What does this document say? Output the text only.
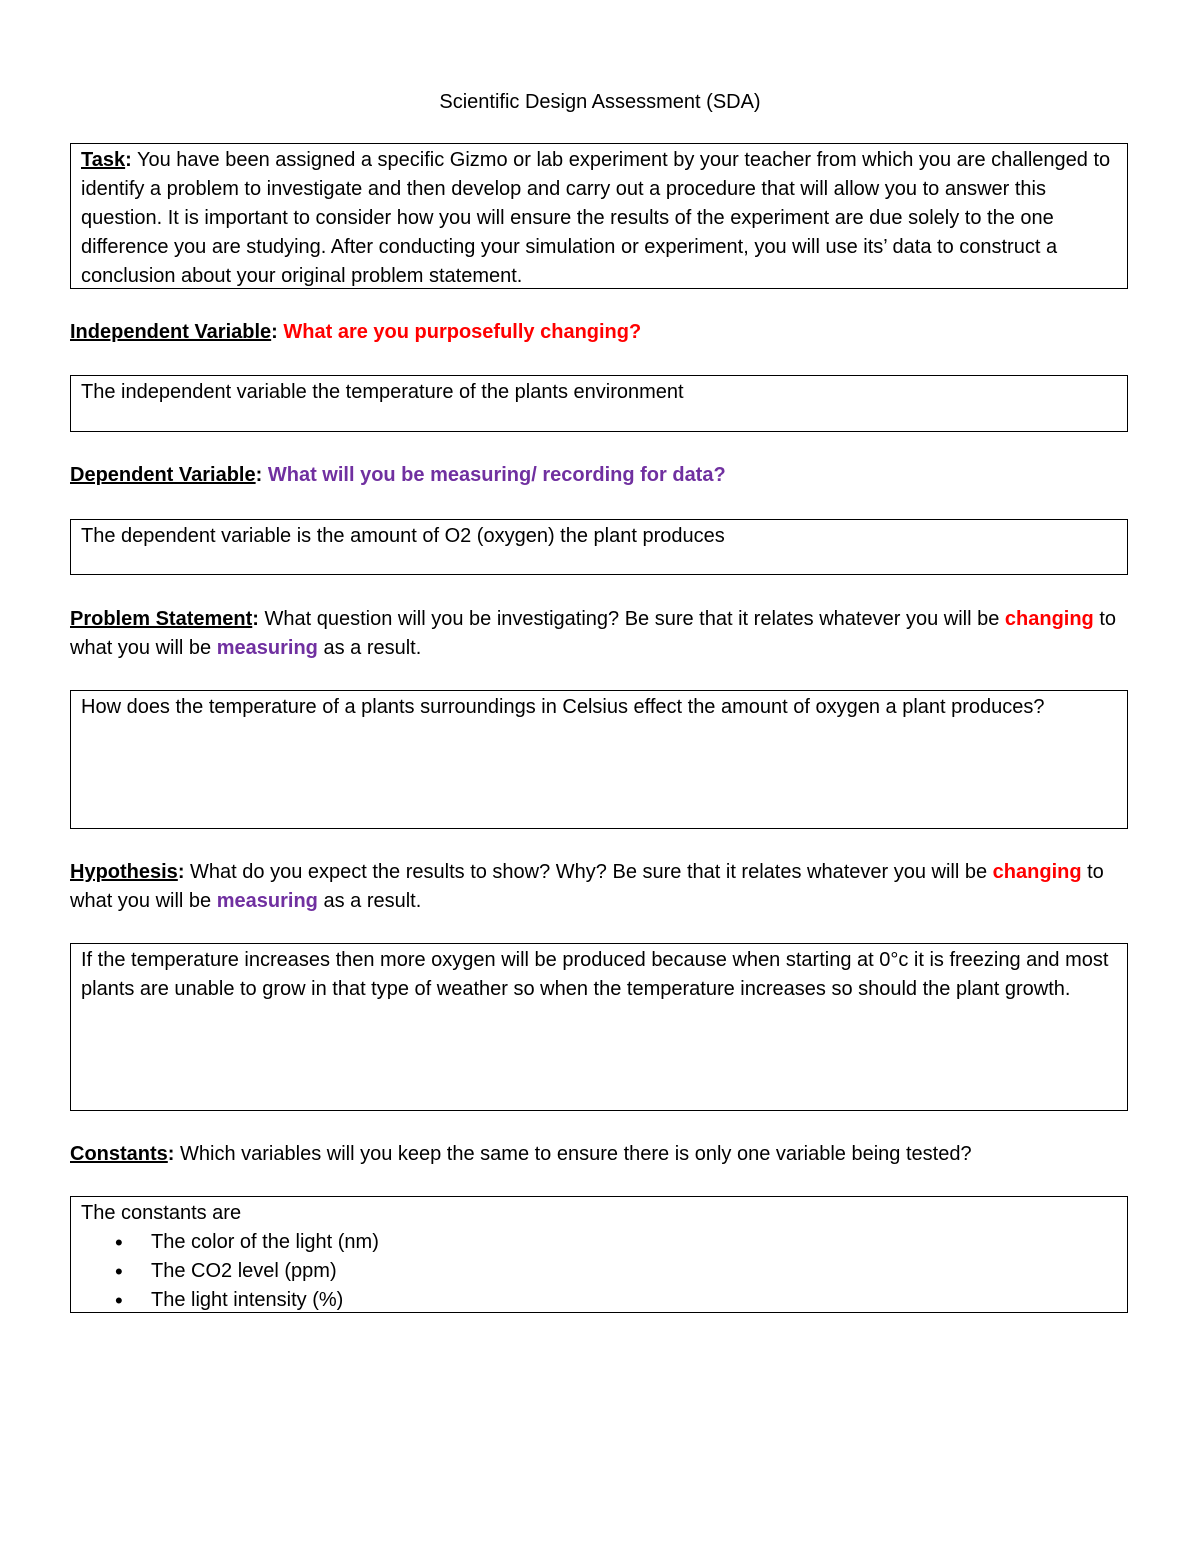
Scientific Design Assessment (SDA)
Task: You have been assigned a specific Gizmo or lab experiment by your teacher from which you are challenged to identify a problem to investigate and then develop and carry out a procedure that will allow you to answer this question. It is important to consider how you will ensure the results of the experiment are due solely to the one difference you are studying. After conducting your simulation or experiment, you will use its’ data to construct a conclusion about your original problem statement.
Independent Variable: What are you purposefully changing?

The independent variable the temperature of the plants environment

Dependent Variable: What will you be measuring/ recording for data?

The dependent variable is the amount of O2 (oxygen) the plant produces

Problem Statement: What question will you be investigating? Be sure that it relates whatever you will be changing to what you will be measuring as a result.

How does the temperature of a plants surroundings in Celsius effect the amount of oxygen a plant produces?

Hypothesis: What do you expect the results to show? Why? Be sure that it relates whatever you will be changing to what you will be measuring as a result.

If the temperature increases then more oxygen will be produced because when starting at 0°c it is freezing and most plants are unable to grow in that type of weather so when the temperature increases so should the plant growth.

Constants: Which variables will you keep the same to ensure there is only one variable being tested?

The constants are

• The color of the light (nm)
• The CO2 level (ppm)
• The light intensity (%)
